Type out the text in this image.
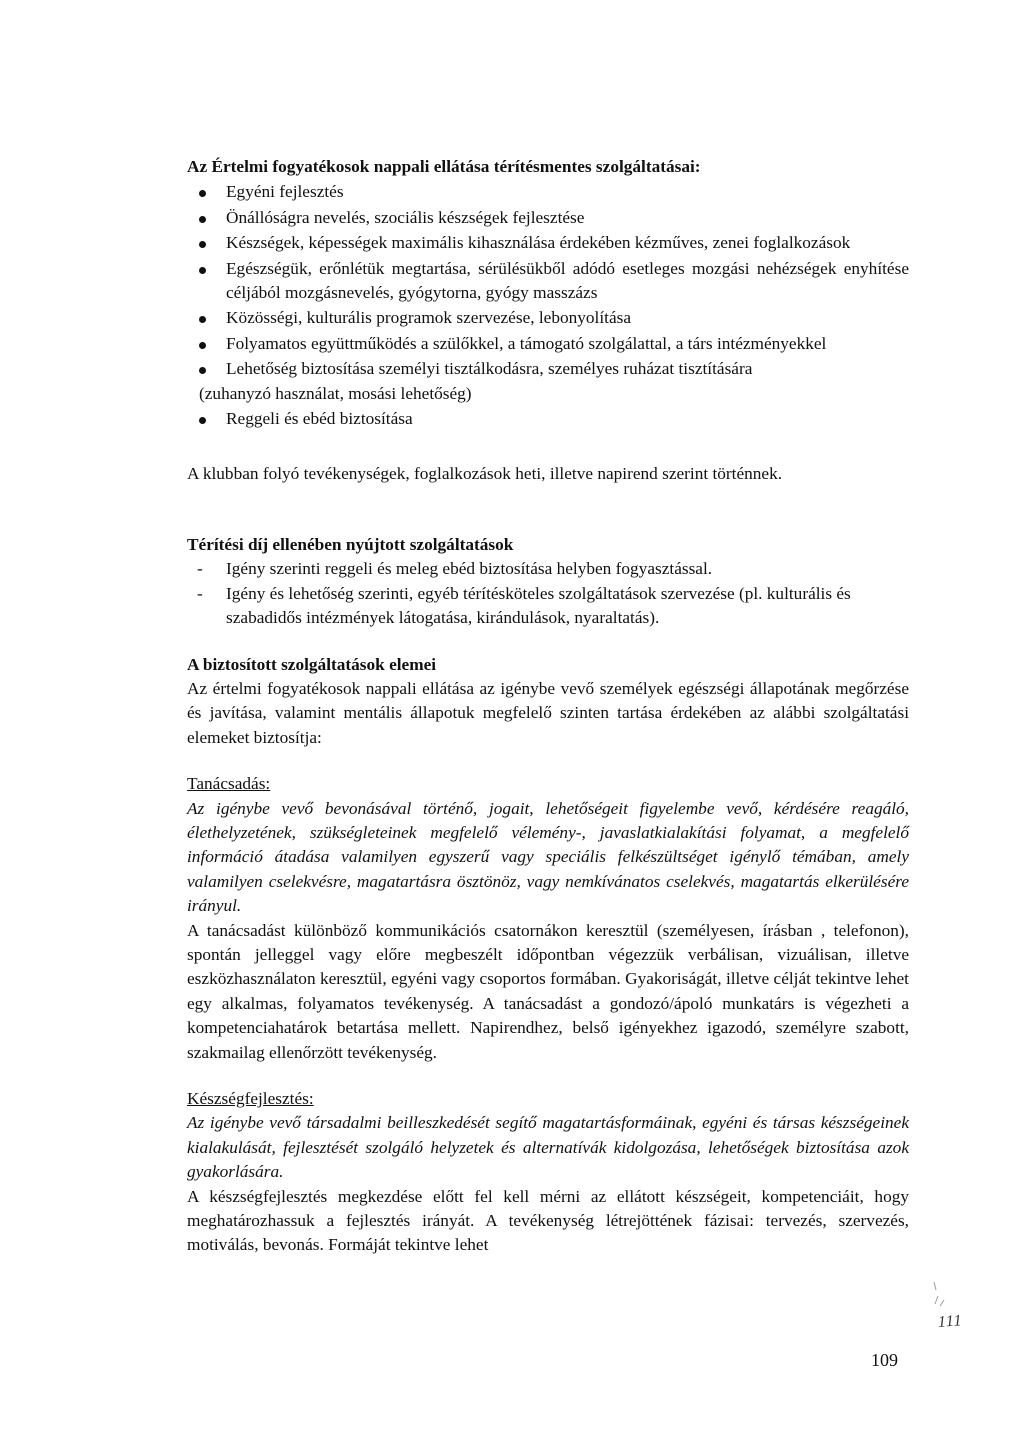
Az Értelmi fogyatékosok nappali ellátása térítésmentes szolgáltatásai:

Egyéni fejlesztés
Önállóságra nevelés, szociális készségek fejlesztése
Készségek, képességek maximális kihasználása érdekében kézműves, zenei foglalkozások
Egészségük, erőnlétük megtartása, sérülésükből adódó esetleges mozgási nehézségek enyhítése céljából mozgásnevelés, gyógytorna, gyógy masszázs
Közösségi, kulturális programok szervezése, lebonyolítása
Folyamatos együttműködés a szülőkkel, a támogató szolgálattal, a társ intézményekkel
Lehetőség biztosítása személyi tisztálkodásra, személyes ruházat tisztítására
(zuhanyzó használat, mosási lehetőség)
Reggeli és ebéd biztosítása

A klubban folyó tevékenységek, foglalkozások heti, illetve napirend szerint történnek.

Térítési díj ellenében nyújtott szolgáltatások

- Igény szerinti reggeli és meleg ebéd biztosítása helyben fogyasztással.
- Igény és lehetőség szerinti, egyéb térítésköteles szolgáltatások szervezése (pl. kulturális és szabadidős intézmények látogatása, kirándulások, nyaraltatás).

A biztosított szolgáltatások elemei

Az értelmi fogyatékosok nappali ellátása az igénybe vevő személyek egészségi állapotának megőrzése és javítása, valamint mentális állapotuk megfelelő szinten tartása érdekében az alábbi szolgáltatási elemeket biztosítja:

Tanácsadás:

Az igénybe vevő bevonásával történő, jogait, lehetőségeit figyelembe vevő, kérdésére reagáló, élethelyzetének, szükségleteinek megfelelő vélemény-, javaslatkialakítási folyamat, a megfelelő információ átadása valamilyen egyszerű vagy speciális felkészültséget igénylő témában, amely valamilyen cselekvésre, magatartásra ösztönöz, vagy nemkívánatos cselekvés, magatartás elkerülésére irányul.

A tanácsadást különböző kommunikációs csatornákon keresztül (személyesen, írásban , telefonon), spontán jelleggel vagy előre megbeszélt időpontban végezzük verbálisan, vizuálisan, illetve eszközhasználaton keresztül, egyéni vagy csoportos formában. Gyakoriságát, illetve célját tekintve lehet egy alkalmas, folyamatos tevékenység. A tanácsadást a gondozó/ápoló munkatárs is végezheti a kompetenciahatárok betartása mellett. Napirendhez, belső igényekhez igazodó, személyre szabott, szakmailag ellenőrzött tevékenység.

Készségfejlesztés:

Az igénybe vevő társadalmi beilleszkedését segítő magatartásformáinak, egyéni és társas készségeinek kialakulását, fejlesztését szolgáló helyzetek és alternatívák kidolgozása, lehetőségek biztosítása azok gyakorlására.

A készségfejlesztés megkezdése előtt fel kell mérni az ellátott készségeit, kompetenciáit, hogy meghatározhassuk a fejlesztés irányát. A tevékenység létrejöttének fázisai: tervezés, szervezés, motiválás, bevonás. Formáját tekintve lehet

111
109
